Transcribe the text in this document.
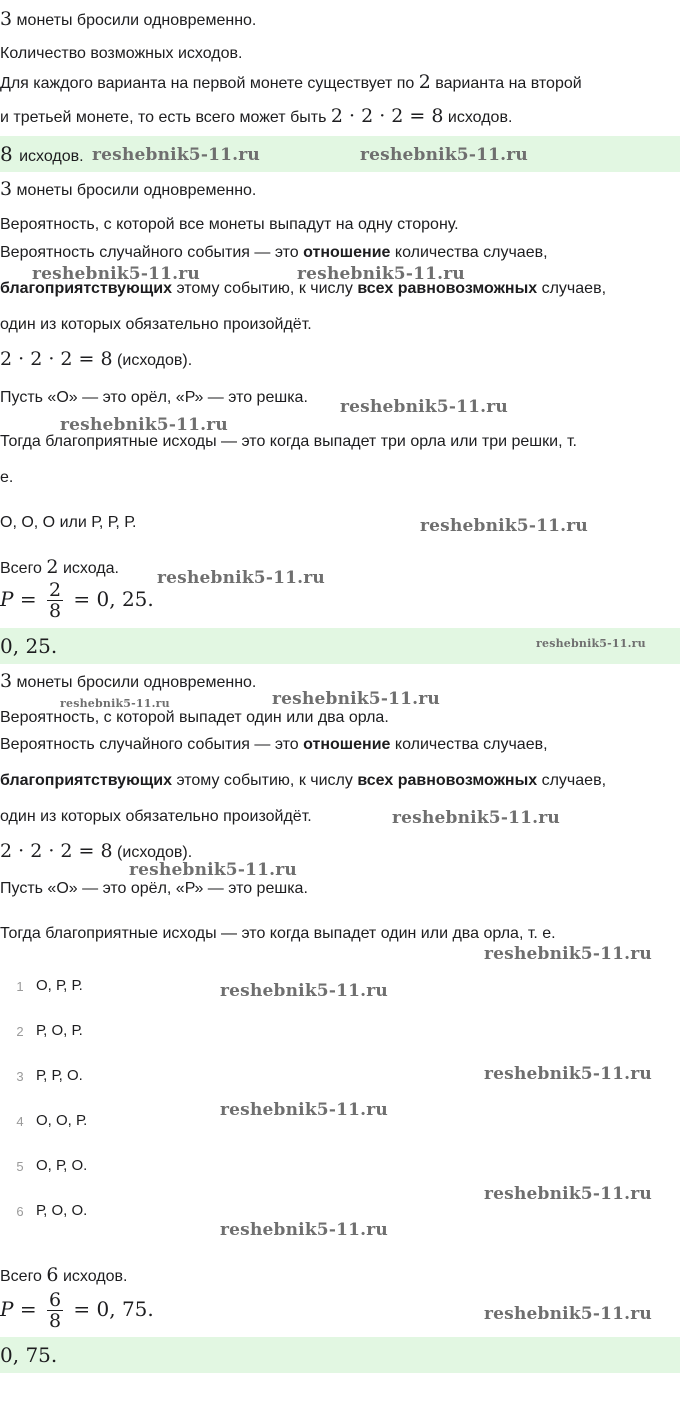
3 монеты бросили одновременно.
Количество возможных исходов.
Для каждого варианта на первой монете существует по 2 варианта на второй
и третьей монете, то есть всего может быть 2 · 2 · 2 = 8 исходов.
8 исходов.
3 монеты бросили одновременно.
Вероятность, с которой все монеты выпадут на одну сторону.
Вероятность случайного события — это отношение количества случаев,
благоприятствующих этому событию, к числу всех равновозможных случаев,
один из которых обязательно произойдёт.
2 · 2 · 2 = 8 (исходов).
Пусть «О» — это орёл, «Р» — это решка.
Тогда благоприятные исходы — это когда выпадет три орла или три решки, т.
е.
О, О, О или Р, Р, Р.
Всего 2 исхода.
$P = \frac{2}{8} = 0$, 25.
0, 25.
3 монеты бросили одновременно.
Вероятность, с которой выпадет один или два орла.
Вероятность случайного события — это отношение количества случаев,
благоприятствующих этому событию, к числу всех равновозможных случаев,
один из которых обязательно произойдёт.
2 · 2 · 2 = 8 (исходов).
Пусть «О» — это орёл, «Р» — это решка.
Тогда благоприятные исходы — это когда выпадет один или два орла, т. е.
1 О, Р, Р.
2 Р, О, Р.
3 Р, Р, О.
4 О, О, Р.
5 О, Р, О.
6 Р, О, О.
Всего 6 исходов.
$P = \frac{6}{8} = 0$, 75.
0, 75.
reshebnik5-11.ru	reshebnik5-11.ru
reshebnik5-11.ru	reshebnik5-11.ru
reshebnik5-11.ru
reshebnik5-11.ru
reshebnik5-11.ru
reshebnik5-11.ru
reshebnik5-11.ru
reshebnik5-11.ru	reshebnik5-11.ru
reshebnik5-11.ru
reshebnik5-11.ru
reshebnik5-11.ru
reshebnik5-11.ru
reshebnik5-11.ru
reshebnik5-11.ru
reshebnik5-11.ru
reshebnik5-11.ru
reshebnik5-11.ru
